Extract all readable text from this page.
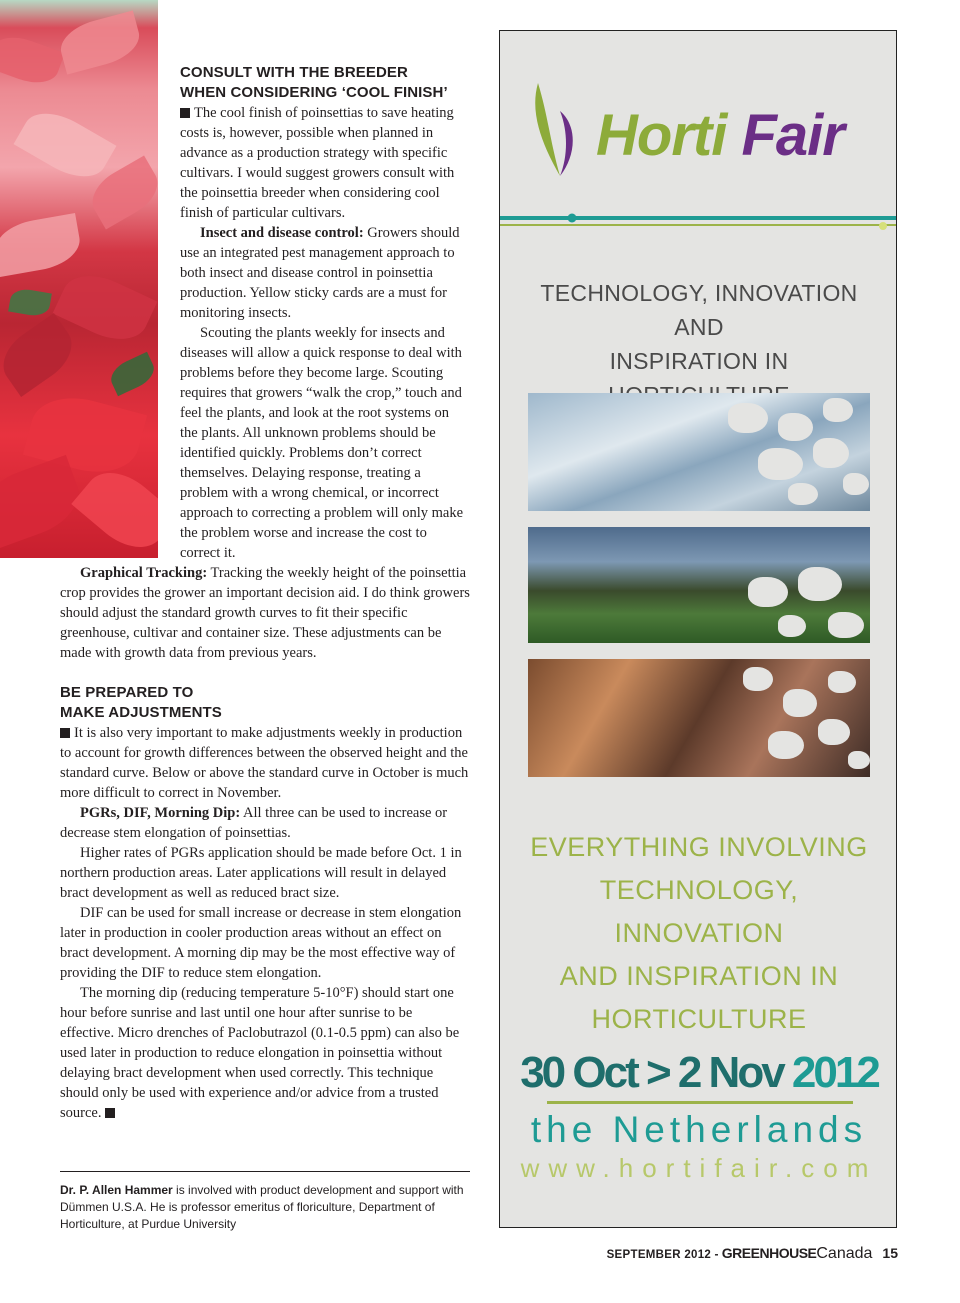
CONSULT WITH THE BREEDER
WHEN CONSIDERING ‘COOL FINISH’

The cool finish of poinsettias to save heating costs is, however, possible when planned in advance as a production strategy with specific cultivars. I would suggest growers consult with the poinsettia breeder when considering cool finish of particular cultivars.

Insect and disease control: Growers should use an integrated pest management approach to both insect and disease control in poinsettia production. Yellow sticky cards are a must for monitoring insects.

Scouting the plants weekly for insects and diseases will allow a quick response to deal with problems before they become large. Scouting requires that growers “walk the crop,” touch and feel the plants, and look at the root systems on the plants. All unknown problems should be identified quickly. Problems don’t correct themselves. Delaying response, treating a problem with a wrong chemical, or incorrect approach to correcting a problem will only make the problem worse and increase the cost to correct it.

Graphical Tracking: Tracking the weekly height of the poinsettia crop provides the grower an important decision aid. I do think growers should adjust the standard growth curves to fit their specific greenhouse, cultivar and container size. These adjustments can be made with growth data from previous years.

BE PREPARED TO
MAKE ADJUSTMENTS

It is also very important to make adjustments weekly in production to account for growth differences between the observed height and the standard curve. Below or above the standard curve in October is much more difficult to correct in November.

PGRs, DIF, Morning Dip: All three can be used to increase or decrease stem elongation of poinsettias.

Higher rates of PGRs application should be made before Oct. 1 in northern production areas. Later applications will result in delayed bract development as well as reduced bract size.

DIF can be used for small increase or decrease in stem elongation later in production in cooler production areas without an effect on bract development. A morning dip may be the most effective way of providing the DIF to reduce stem elongation.

The morning dip (reducing temperature 5-10°F) should start one hour before sunrise and last until one hour after sunrise to be effective. Micro drenches of Paclobutrazol (0.1-0.5 ppm) can also be used later in production to reduce elongation in poinsettia without delaying bract development when used correctly. This technique should only be used with experience and/or advice from a trusted source.

Dr. P. Allen Hammer is involved with product development and support with Dümmen U.S.A. He is professor emeritus of floriculture, Department of Horticulture, at Purdue University
Horti Fair
TECHNOLOGY, INNOVATION AND
INSPIRATION IN
EVERYTHING INVOLVING
TECHNOLOGY, INNOVATION
AND INSPIRATION IN
HORTICULTURE
30 Oct > 2 Nov 2012
the Netherlands
www.hortifair.com
SEPTEMBER 2012 - GREENHOUSECanada 15
